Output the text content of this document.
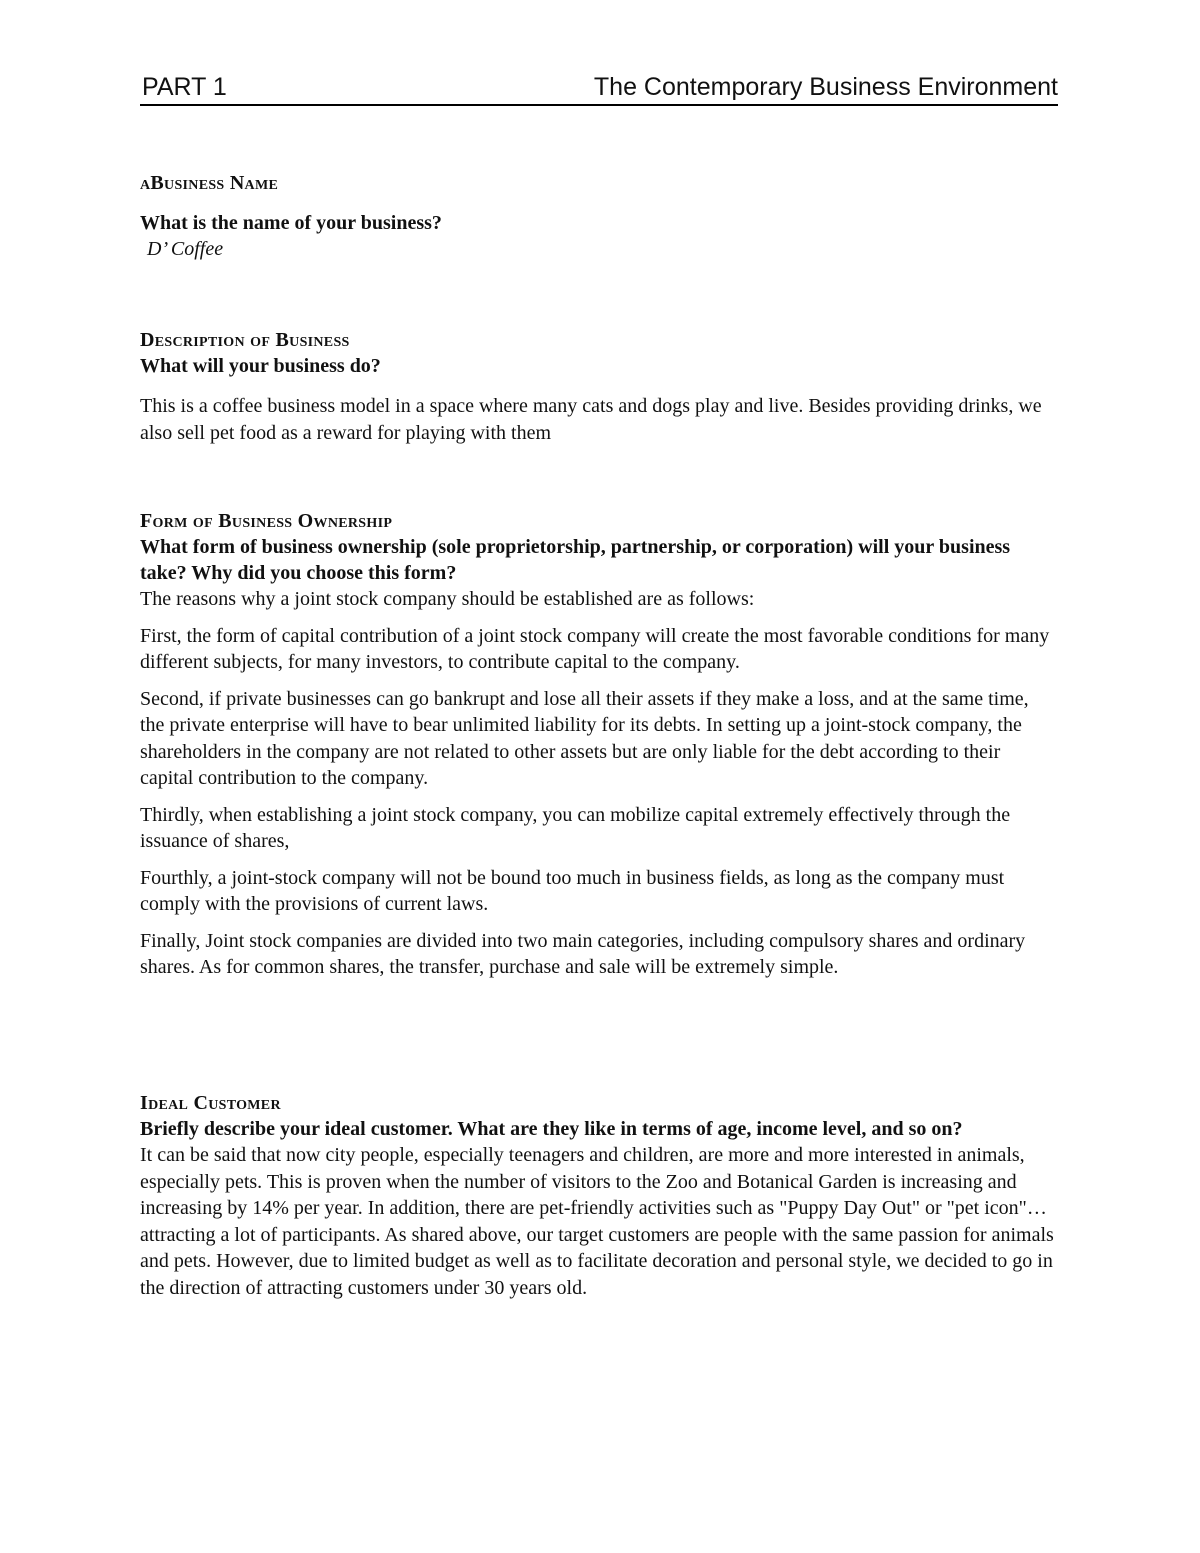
PART 1	The Contemporary Business Environment
aBusiness Name
What is the name of your business?
D’ Coffee
Description of Business
What will your business do?

This is a coffee business model in a space where many cats and dogs play and live. Besides providing drinks, we also sell pet food as a reward for playing with them

Form of Business Ownership
What form of business ownership (sole proprietorship, partnership, or corporation) will your business take? Why did you choose this form?

The reasons why a joint stock company should be established are as follows:

First, the form of capital contribution of a joint stock company will create the most favorable conditions for many different subjects, for many investors, to contribute capital to the company.

Second, if private businesses can go bankrupt and lose all their assets if they make a loss, and at the same time, the private enterprise will have to bear unlimited liability for its debts. In setting up a joint-stock company, the shareholders in the company are not related to other assets but are only liable for the debt according to their capital contribution to the company.

Thirdly, when establishing a joint stock company, you can mobilize capital extremely effectively through the issuance of shares,

Fourthly, a joint-stock company will not be bound too much in business fields, as long as the company must comply with the provisions of current laws.

Finally, Joint stock companies are divided into two main categories, including compulsory shares and ordinary shares. As for common shares, the transfer, purchase and sale will be extremely simple.

Ideal Customer
Briefly describe your ideal customer. What are they like in terms of age, income level, and so on?

It can be said that now city people, especially teenagers and children, are more and more interested in animals, especially pets. This is proven when the number of visitors to the Zoo and Botanical Garden is increasing and increasing by 14% per year. In addition, there are pet-friendly activities such as "Puppy Day Out" or "pet icon"… attracting a lot of participants. As shared above, our target customers are people with the same passion for animals and pets. However, due to limited budget as well as to facilitate decoration and personal style, we decided to go in the direction of attracting customers under 30 years old.
